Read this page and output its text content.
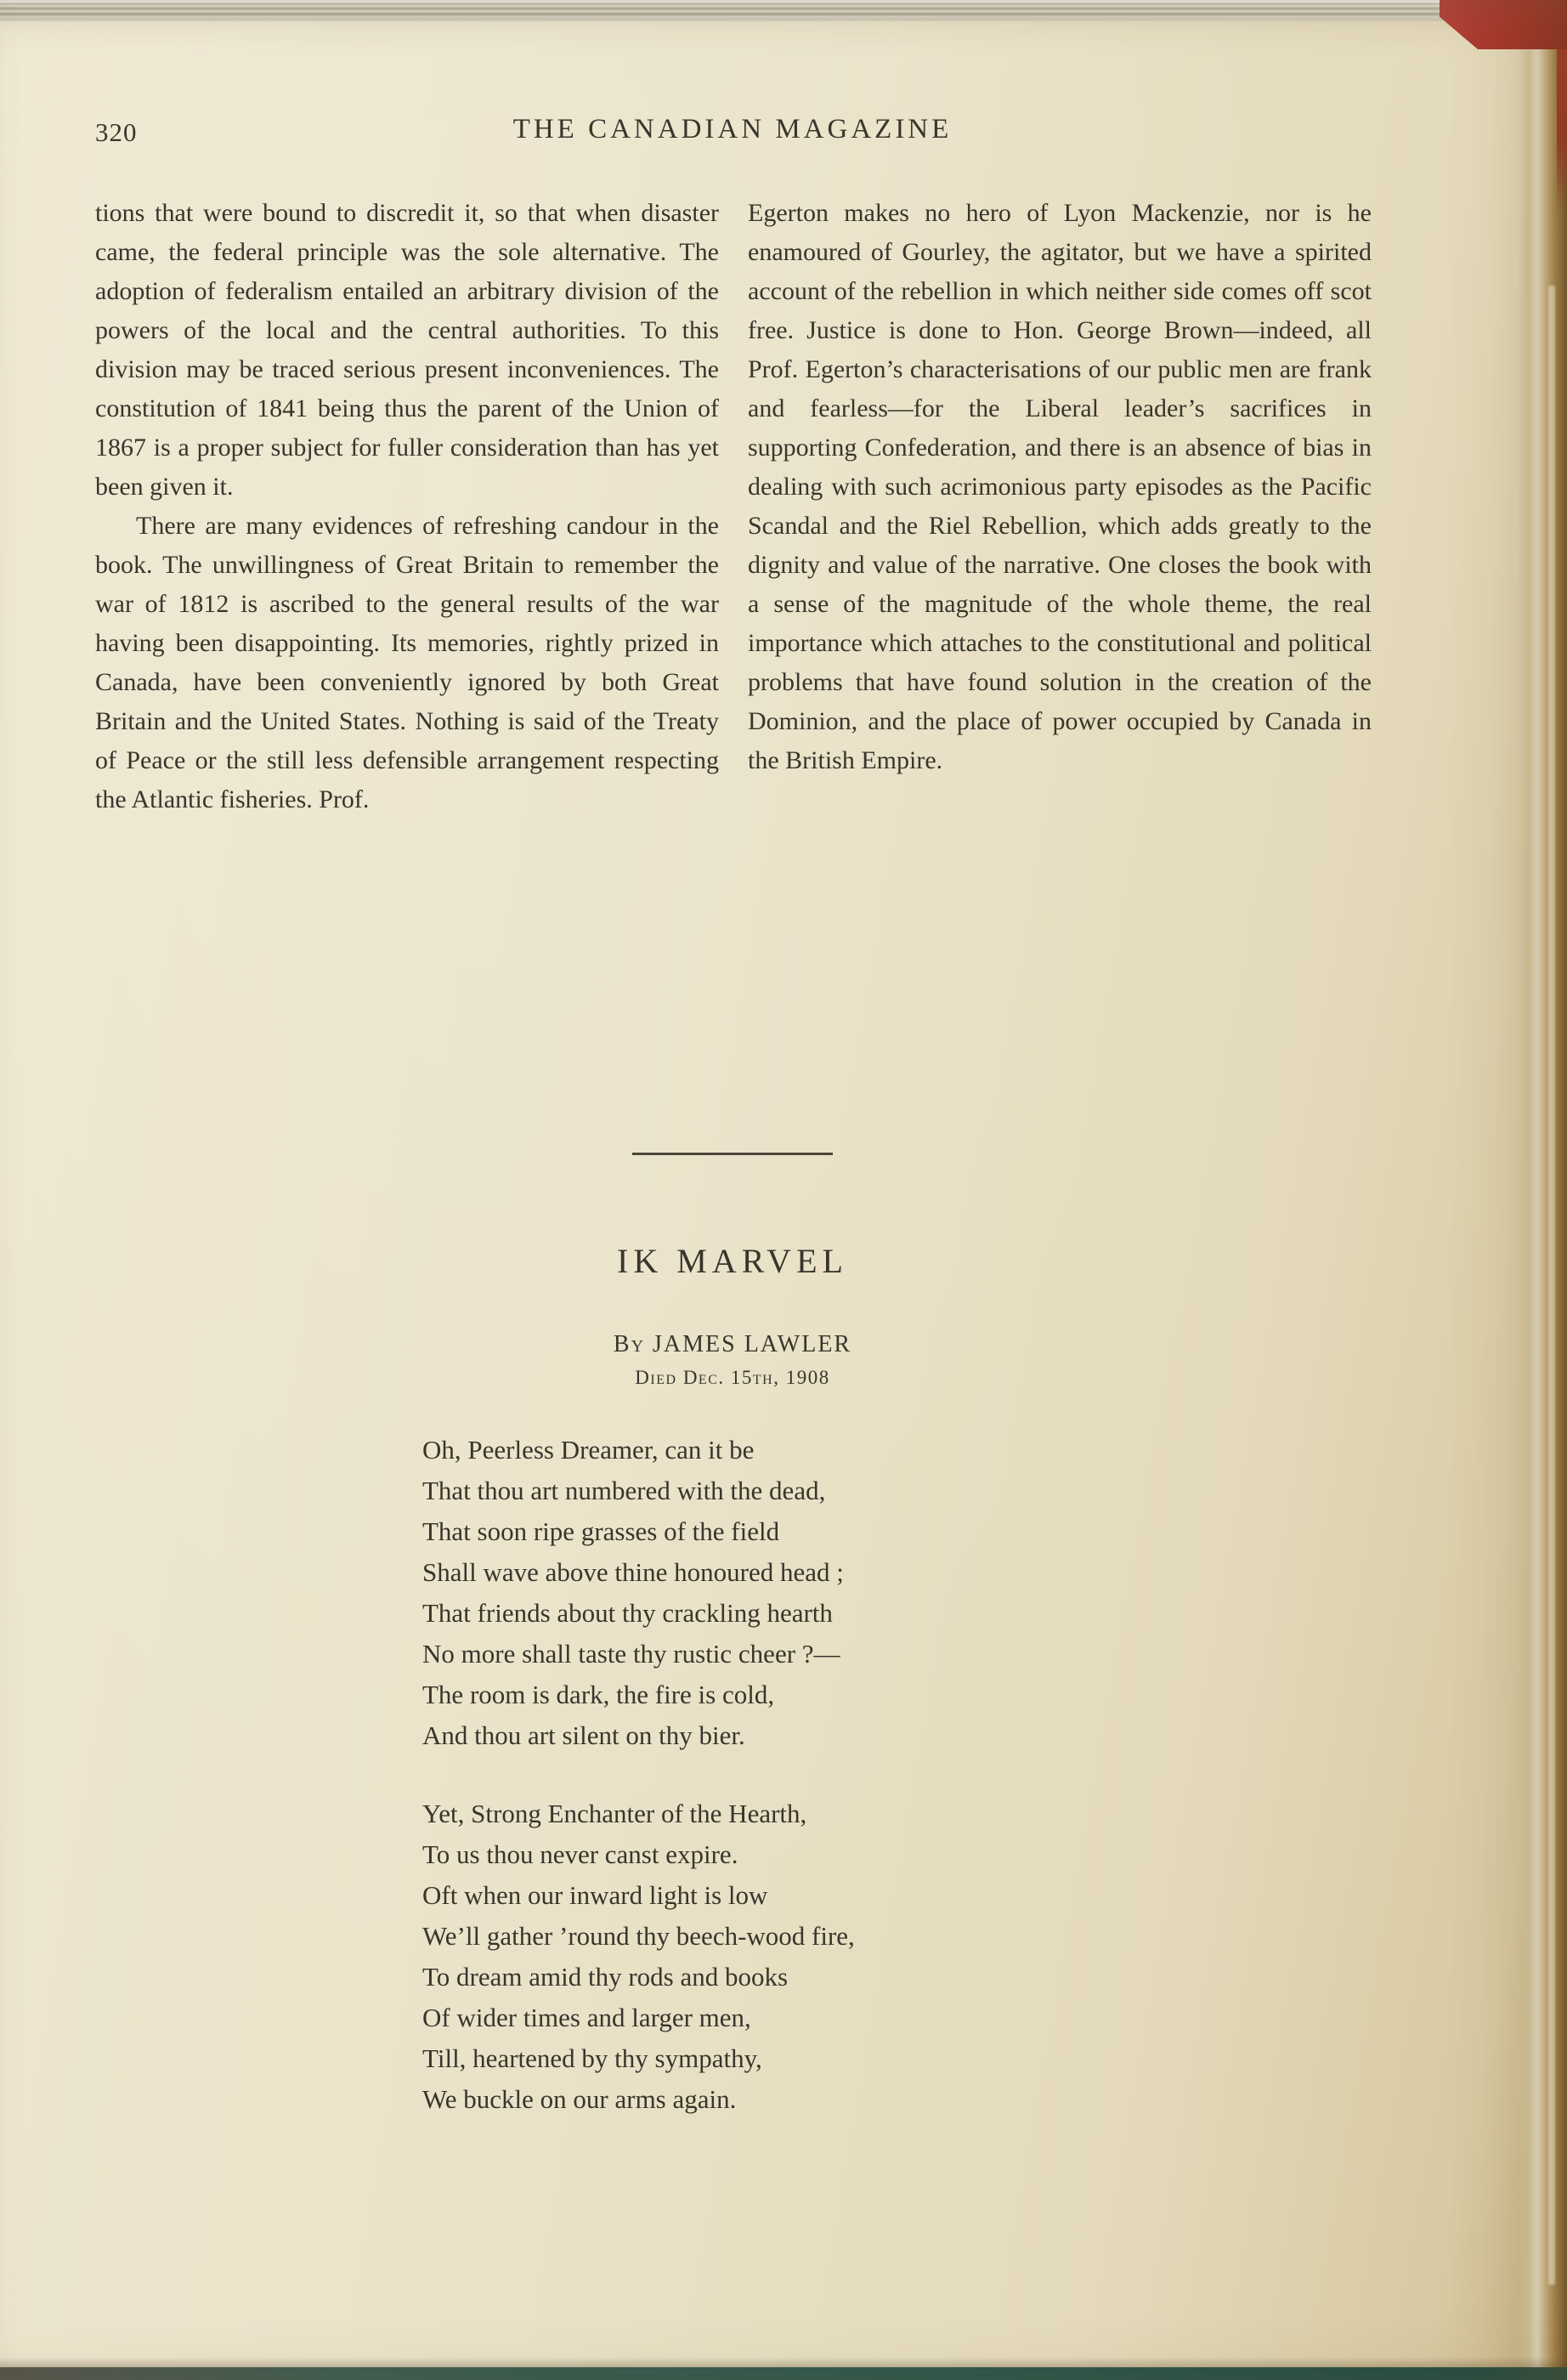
320	THE CANADIAN MAGAZINE

tions that were bound to discredit it, so that when disaster came, the federal principle was the sole alternative. The adoption of federalism entailed an arbitrary division of the powers of the local and the central authorities. To this division may be traced serious present inconveniences. The constitution of 1841 being thus the parent of the Union of 1867 is a proper subject for fuller consideration than has yet been given it.

There are many evidences of refreshing candour in the book. The unwillingness of Great Britain to remember the war of 1812 is ascribed to the general results of the war having been disappointing. Its memories, rightly prized in Canada, have been conveniently ignored by both Great Britain and the United States. Nothing is said of the Treaty of Peace or the still less defensible arrangement respecting the Atlantic fisheries. Prof.

Egerton makes no hero of Lyon Mackenzie, nor is he enamoured of Gourley, the agitator, but we have a spirited account of the rebellion in which neither side comes off scot free. Justice is done to Hon. George Brown—indeed, all Prof. Egerton’s characterisations of our public men are frank and fearless—for the Liberal leader’s sacrifices in supporting Confederation, and there is an absence of bias in dealing with such acrimonious party episodes as the Pacific Scandal and the Riel Rebellion, which adds greatly to the dignity and value of the narrative. One closes the book with a sense of the magnitude of the whole theme, the real importance which attaches to the constitutional and political problems that have found solution in the creation of the Dominion, and the place of power occupied by Canada in the British Empire.

IK MARVEL
By JAMES LAWLER
Died Dec. 15th, 1908
Oh, Peerless Dreamer, can it be
That thou art numbered with the dead,
That soon ripe grasses of the field
Shall wave above thine honoured head ;
That friends about thy crackling hearth
No more shall taste thy rustic cheer ?—
The room is dark, the fire is cold,
And thou art silent on thy bier.
Yet, Strong Enchanter of the Hearth,
To us thou never canst expire.
Oft when our inward light is low
We’ll gather ’round thy beech-wood fire,
To dream amid thy rods and books
Of wider times and larger men,
Till, heartened by thy sympathy,
We buckle on our arms again.
